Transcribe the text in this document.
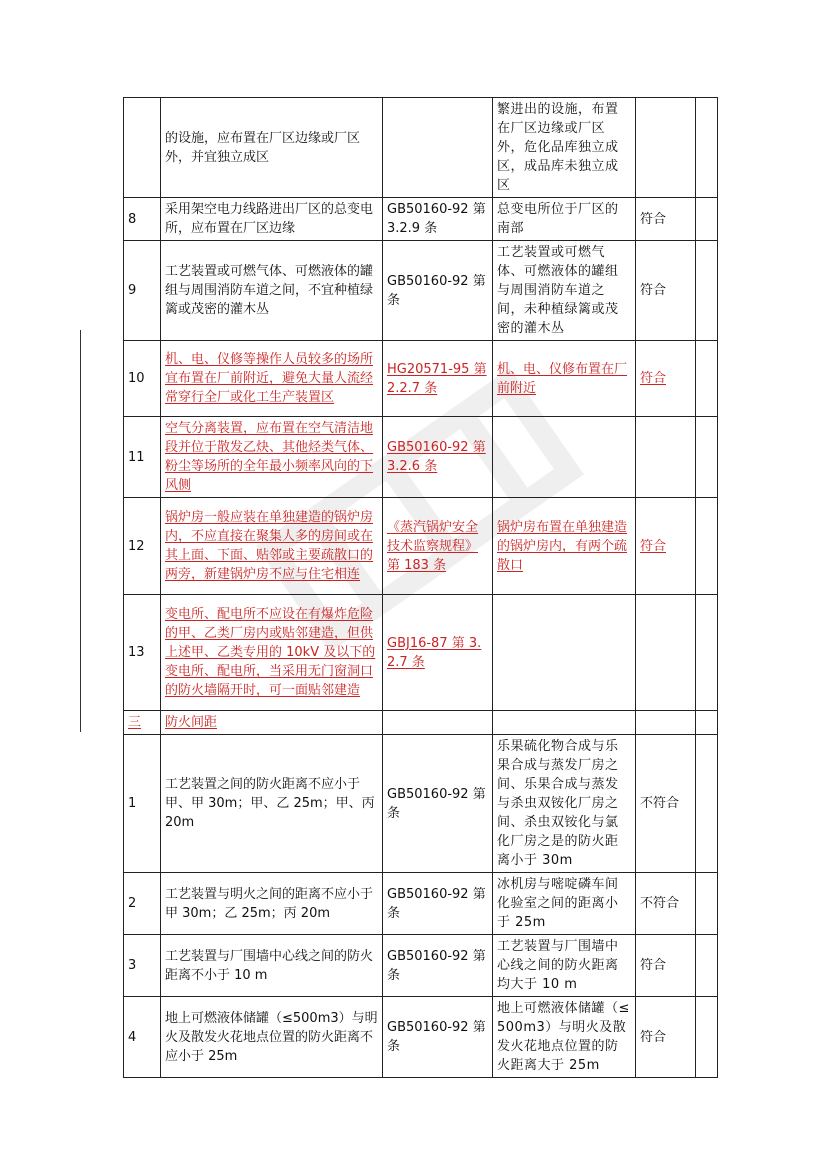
	的设施，应布置在厂区边缘或厂区外，并宜独立成区		繁进出的设施，布置在厂区边缘或厂区外，危化品库独立成区，成品库未独立成区		
8	采用架空电力线路进出厂区的总变电所，应布置在厂区边缘	GB50160-92 第 3.2.9 条	总变电所位于厂区的南部	符合	
9	工艺装置或可燃气体、可燃液体的罐组与周围消防车道之间，不宜种植绿篱或茂密的灌木丛	GB50160-92 第条	工艺装置或可燃气体、可燃液体的罐组与周围消防车道之间，未种植绿篱或茂密的灌木丛	符合	
10	机、电、仪修等操作人员较多的场所宜布置在厂前附近，避免大量人流经常穿行全厂或化工生产装置区	HG20571-95 第 2.2.7 条	机、电、仪修布置在厂前附近	符合	
11	空气分离装置，应布置在空气清洁地段并位于散发乙炔、其他烃类气体、粉尘等场所的全年最小频率风向的下风侧	GB50160-92 第 3.2.6 条			
12	锅炉房一般应装在单独建造的锅炉房内，不应直接在聚集人多的房间或在其上面、下面、贴邻或主要疏散口的两旁，新建锅炉房不应与住宅相连	《蒸汽锅炉安全技术监察规程》第 183 条	锅炉房布置在单独建造的锅炉房内，有两个疏散口	符合	
13	变电所、配电所不应设在有爆炸危险的甲、乙类厂房内或贴邻建造，但供上述甲、乙类专用的 10kV 及以下的变电所、配电所，当采用无门窗洞口的防火墙隔开时，可一面贴邻建造	GBJ16-87 第 3.2.7 条			
三	防火间距				
1	工艺装置之间的防火距离不应小于甲、甲 30m；甲、乙 25m；甲、丙 20m	GB50160-92 第条	乐果硫化物合成与乐果合成与蒸发厂房之间、乐果合成与蒸发与杀虫双铵化厂房之间、杀虫双铵化与氯化厂房之是的防火距离小于 30m	不符合	
2	工艺装置与明火之间的距离不应小于甲 30m；乙 25m；丙 20m	GB50160-92 第条	冰机房与嘧啶磷车间化验室之间的距离小于 25m	不符合	
3	工艺装置与厂围墙中心线之间的防火距离不小于 10 m	GB50160-92 第条	工艺装置与厂围墙中心线之间的防火距离均大于 10 m	符合	
4	地上可燃液体储罐（≤500m3）与明火及散发火花地点位置的防火距离不应小于 25m	GB50160-92 第条	地上可燃液体储罐（≤500m3）与明火及散发火花地点位置的防火距离大于 25m	符合	
